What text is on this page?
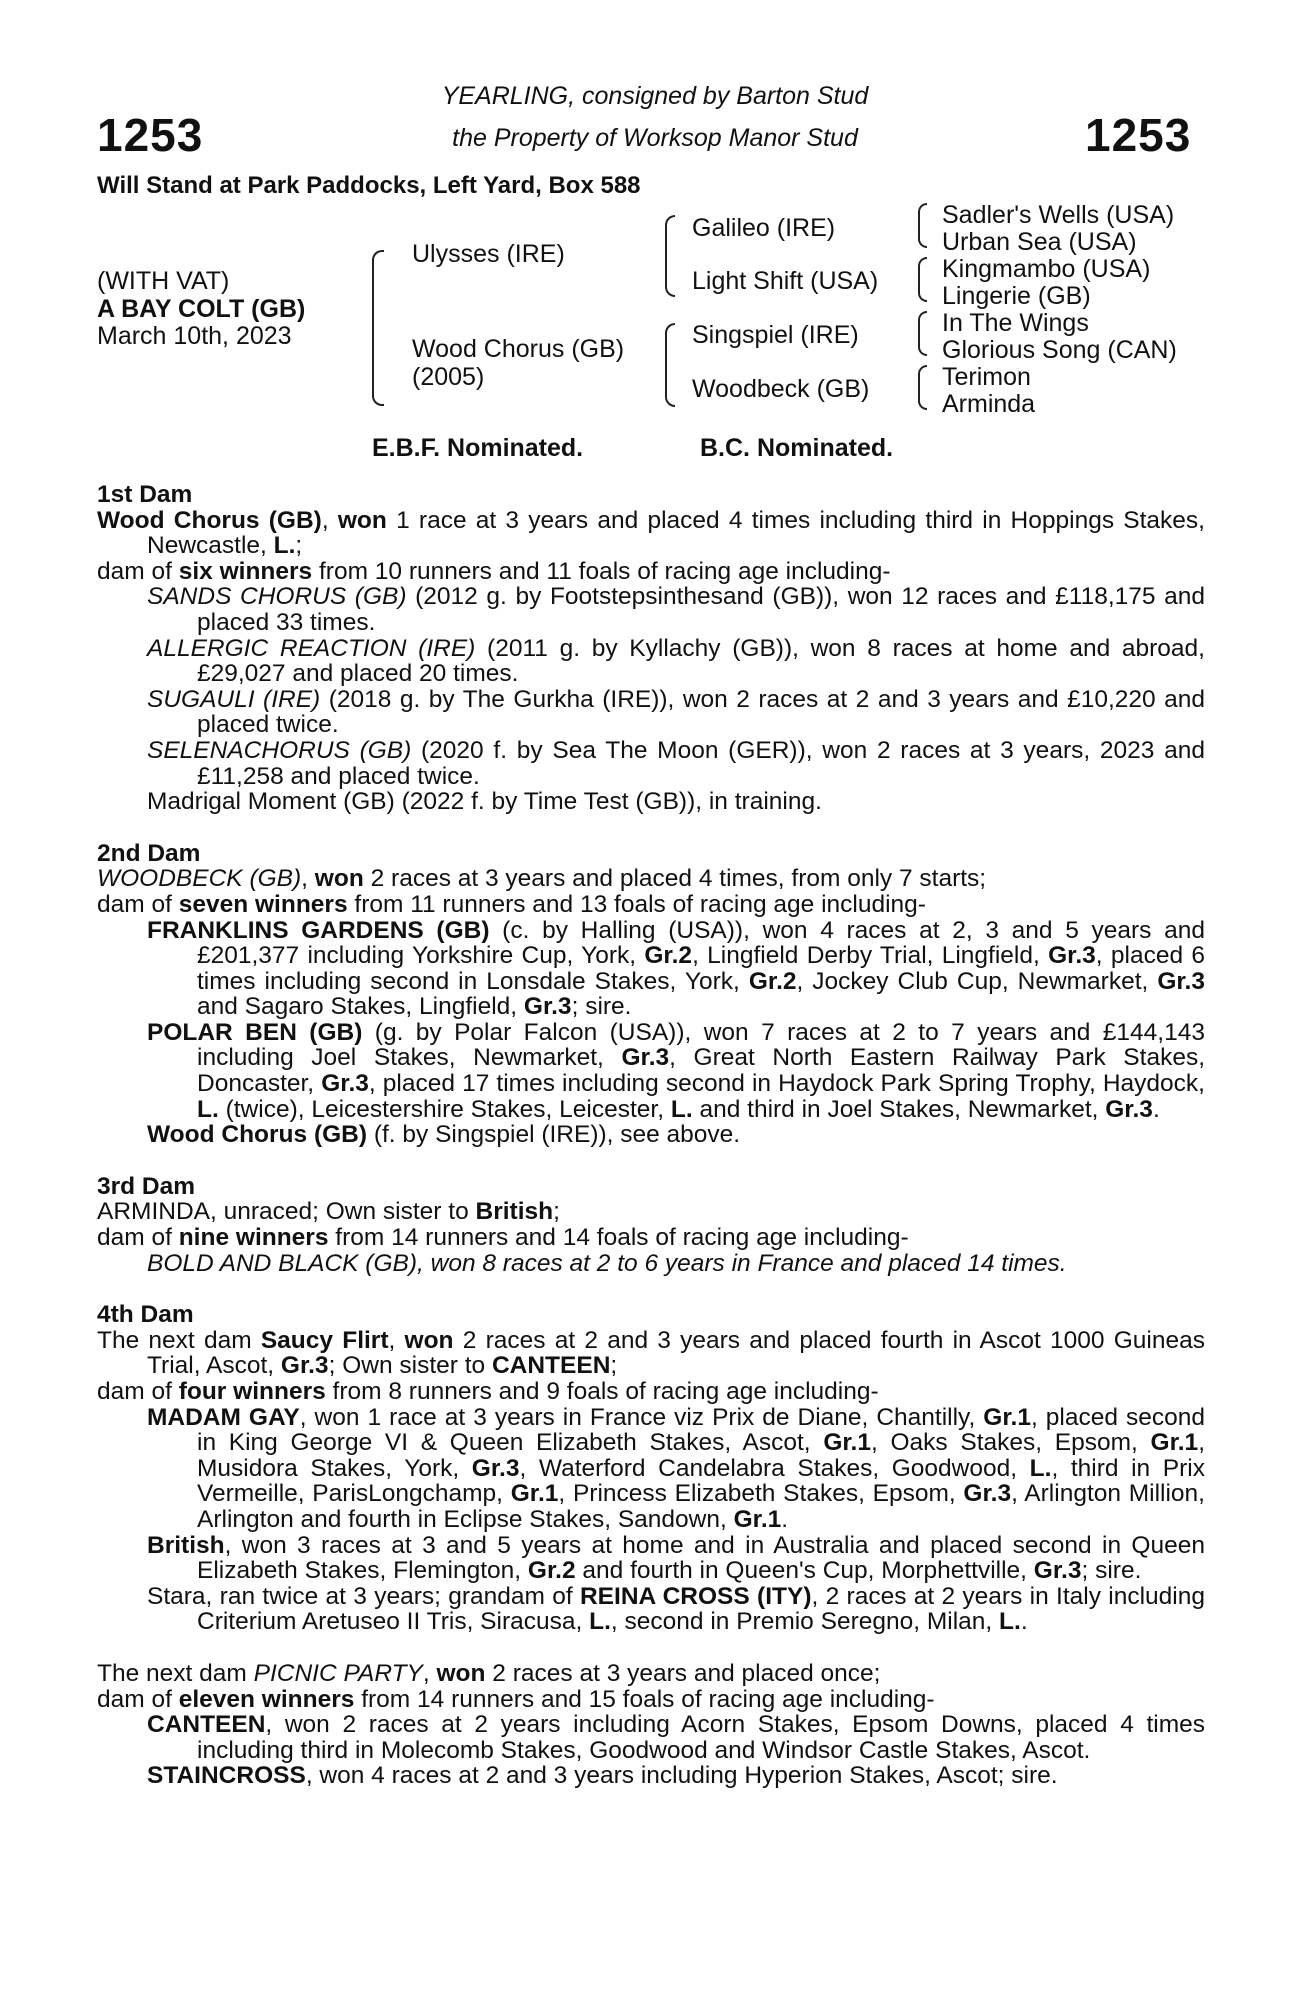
1253	1253
YEARLING, consigned by Barton Stud
the Property of Worksop Manor Stud
Will Stand at Park Paddocks, Left Yard, Box 588
(WITH VAT)
A BAY COLT (GB)
March 10th, 2023
Ulysses (IRE)
Wood Chorus (GB)
(2005)
Galileo (IRE)
Light Shift (USA)
Singspiel (IRE)
Woodbeck (GB)
Sadler's Wells (USA)
Urban Sea (USA)
Kingmambo (USA)
Lingerie (GB)
In The Wings
Glorious Song (CAN)
Terimon
Arminda
E.B.F. Nominated.	B.C. Nominated.

1st Dam

Wood Chorus (GB), won 1 race at 3 years and placed 4 times including third in Hoppings Stakes, Newcastle, L.;

dam of six winners from 10 runners and 11 foals of racing age including-

SANDS CHORUS (GB) (2012 g. by Footstepsinthesand (GB)), won 12 races and £118,175 and placed 33 times.

ALLERGIC REACTION (IRE) (2011 g. by Kyllachy (GB)), won 8 races at home and abroad, £29,027 and placed 20 times.

SUGAULI (IRE) (2018 g. by The Gurkha (IRE)), won 2 races at 2 and 3 years and £10,220 and placed twice.

SELENACHORUS (GB) (2020 f. by Sea The Moon (GER)), won 2 races at 3 years, 2023 and £11,258 and placed twice.

Madrigal Moment (GB) (2022 f. by Time Test (GB)), in training.

2nd Dam

WOODBECK (GB), won 2 races at 3 years and placed 4 times, from only 7 starts;

dam of seven winners from 11 runners and 13 foals of racing age including-

FRANKLINS GARDENS (GB) (c. by Halling (USA)), won 4 races at 2, 3 and 5 years and £201,377 including Yorkshire Cup, York, Gr.2, Lingfield Derby Trial, Lingfield, Gr.3, placed 6 times including second in Lonsdale Stakes, York, Gr.2, Jockey Club Cup, Newmarket, Gr.3 and Sagaro Stakes, Lingfield, Gr.3; sire.

POLAR BEN (GB) (g. by Polar Falcon (USA)), won 7 races at 2 to 7 years and £144,143 including Joel Stakes, Newmarket, Gr.3, Great North Eastern Railway Park Stakes, Doncaster, Gr.3, placed 17 times including second in Haydock Park Spring Trophy, Haydock, L. (twice), Leicestershire Stakes, Leicester, L. and third in Joel Stakes, Newmarket, Gr.3.

Wood Chorus (GB) (f. by Singspiel (IRE)), see above.

3rd Dam

ARMINDA, unraced; Own sister to British;

dam of nine winners from 14 runners and 14 foals of racing age including-

BOLD AND BLACK (GB), won 8 races at 2 to 6 years in France and placed 14 times.

4th Dam

The next dam Saucy Flirt, won 2 races at 2 and 3 years and placed fourth in Ascot 1000 Guineas Trial, Ascot, Gr.3; Own sister to CANTEEN;

dam of four winners from 8 runners and 9 foals of racing age including-

MADAM GAY, won 1 race at 3 years in France viz Prix de Diane, Chantilly, Gr.1, placed second in King George VI & Queen Elizabeth Stakes, Ascot, Gr.1, Oaks Stakes, Epsom, Gr.1, Musidora Stakes, York, Gr.3, Waterford Candelabra Stakes, Goodwood, L., third in Prix Vermeille, ParisLongchamp, Gr.1, Princess Elizabeth Stakes, Epsom, Gr.3, Arlington Million, Arlington and fourth in Eclipse Stakes, Sandown, Gr.1.

British, won 3 races at 3 and 5 years at home and in Australia and placed second in Queen Elizabeth Stakes, Flemington, Gr.2 and fourth in Queen's Cup, Morphettville, Gr.3; sire.

Stara, ran twice at 3 years; grandam of REINA CROSS (ITY), 2 races at 2 years in Italy including Criterium Aretuseo II Tris, Siracusa, L., second in Premio Seregno, Milan, L..

The next dam PICNIC PARTY, won 2 races at 3 years and placed once;

dam of eleven winners from 14 runners and 15 foals of racing age including-

CANTEEN, won 2 races at 2 years including Acorn Stakes, Epsom Downs, placed 4 times including third in Molecomb Stakes, Goodwood and Windsor Castle Stakes, Ascot.

STAINCROSS, won 4 races at 2 and 3 years including Hyperion Stakes, Ascot; sire.
